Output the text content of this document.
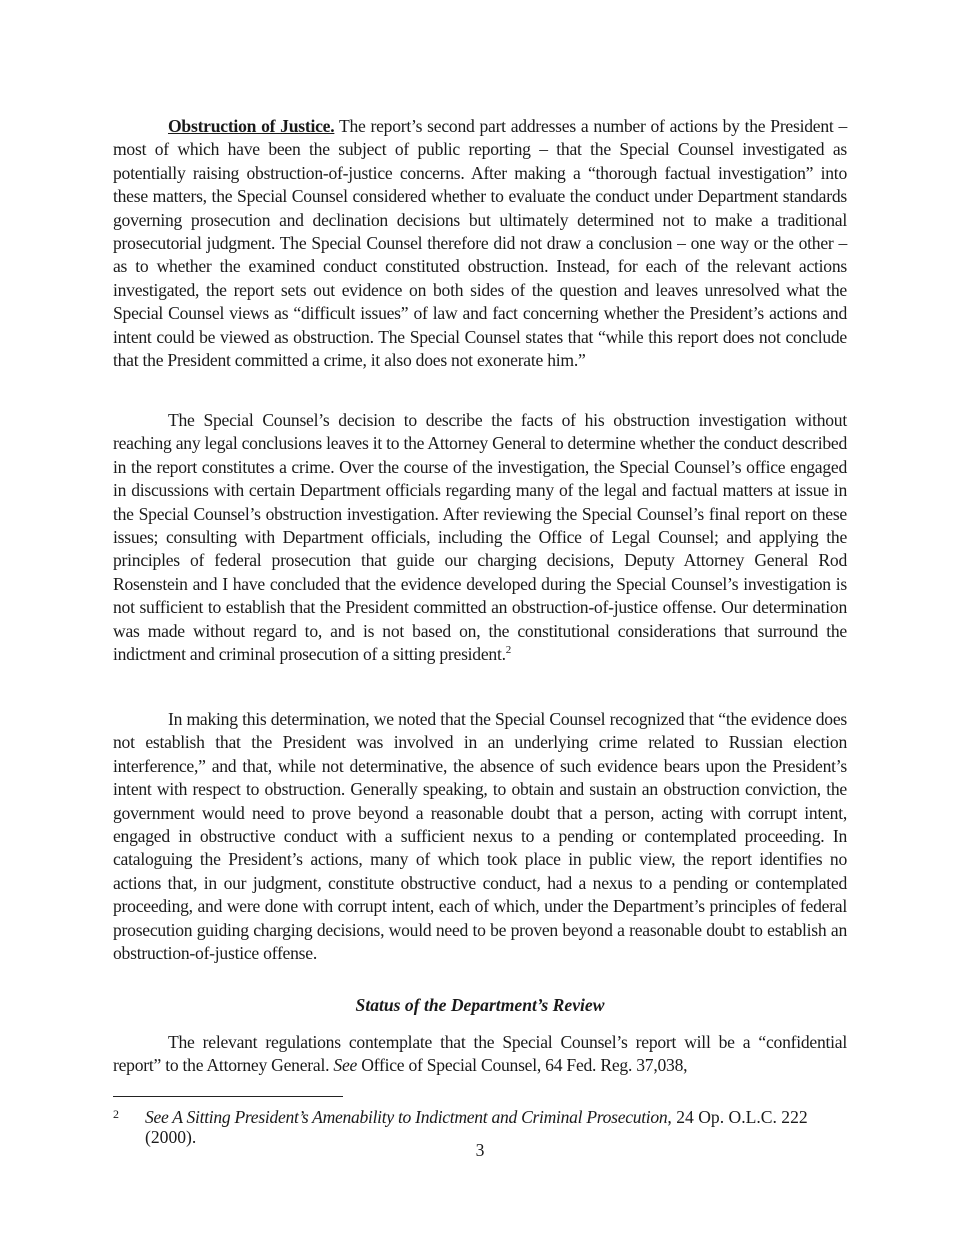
Obstruction of Justice. The report’s second part addresses a number of actions by the President – most of which have been the subject of public reporting – that the Special Counsel investigated as potentially raising obstruction-of-justice concerns. After making a “thorough factual investigation” into these matters, the Special Counsel considered whether to evaluate the conduct under Department standards governing prosecution and declination decisions but ultimately determined not to make a traditional prosecutorial judgment. The Special Counsel therefore did not draw a conclusion – one way or the other – as to whether the examined conduct constituted obstruction. Instead, for each of the relevant actions investigated, the report sets out evidence on both sides of the question and leaves unresolved what the Special Counsel views as “difficult issues” of law and fact concerning whether the President’s actions and intent could be viewed as obstruction. The Special Counsel states that “while this report does not conclude that the President committed a crime, it also does not exonerate him.”

The Special Counsel’s decision to describe the facts of his obstruction investigation without reaching any legal conclusions leaves it to the Attorney General to determine whether the conduct described in the report constitutes a crime. Over the course of the investigation, the Special Counsel’s office engaged in discussions with certain Department officials regarding many of the legal and factual matters at issue in the Special Counsel’s obstruction investigation. After reviewing the Special Counsel’s final report on these issues; consulting with Department officials, including the Office of Legal Counsel; and applying the principles of federal prosecution that guide our charging decisions, Deputy Attorney General Rod Rosenstein and I have concluded that the evidence developed during the Special Counsel’s investigation is not sufficient to establish that the President committed an obstruction-of-justice offense. Our determination was made without regard to, and is not based on, the constitutional considerations that surround the indictment and criminal prosecution of a sitting president.$^2$

In making this determination, we noted that the Special Counsel recognized that “the evidence does not establish that the President was involved in an underlying crime related to Russian election interference,” and that, while not determinative, the absence of such evidence bears upon the President’s intent with respect to obstruction. Generally speaking, to obtain and sustain an obstruction conviction, the government would need to prove beyond a reasonable doubt that a person, acting with corrupt intent, engaged in obstructive conduct with a sufficient nexus to a pending or contemplated proceeding. In cataloguing the President’s actions, many of which took place in public view, the report identifies no actions that, in our judgment, constitute obstructive conduct, had a nexus to a pending or contemplated proceeding, and were done with corrupt intent, each of which, under the Department’s principles of federal prosecution guiding charging decisions, would need to be proven beyond a reasonable doubt to establish an obstruction-of-justice offense.

Status of the Department’s Review

The relevant regulations contemplate that the Special Counsel’s report will be a “confidential report” to the Attorney General. See Office of Special Counsel, 64 Fed. Reg. 37,038,

2	See A Sitting President’s Amenability to Indictment and Criminal Prosecution, 24 Op. O.L.C. 222 (2000).
3
